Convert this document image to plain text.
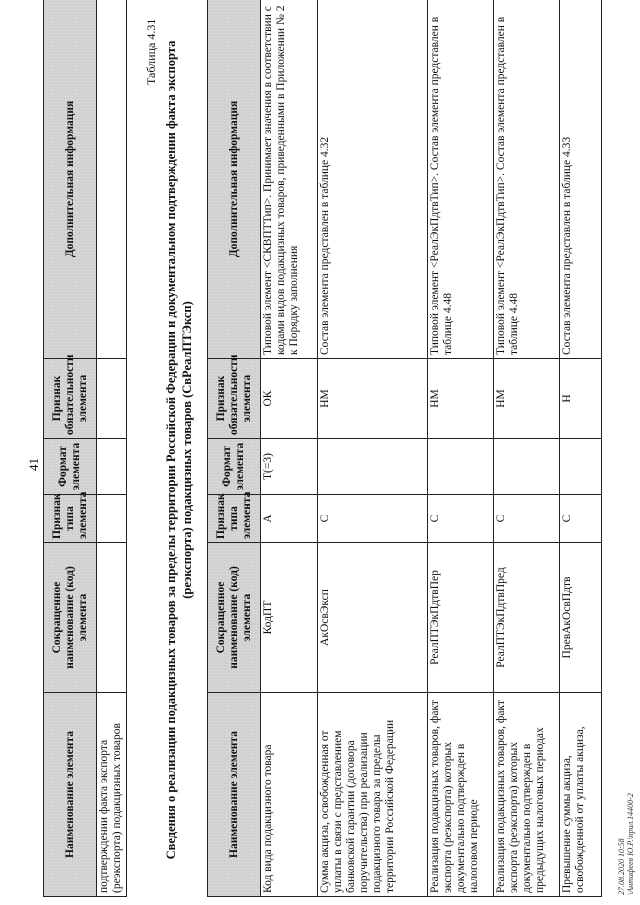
41
Наименование элемента	Сокращенное наименование (код) элемента	Признак типа элемента	Формат элемента	Признак обязательности элемента	Дополнительная информация
подтверждении факта экспорта (реэкспорта) подакцизных товаров					
Таблица 4.31 Сведения о реализации подакцизных товаров за пределы территории Российской Федерации и документальном подтверждении факта экспорта (реэкспорта) подакцизных товаров (СвРеалПТЭксп)
Наименование элемента	Сокращенное наименование (код) элемента	Признак типа элемента	Формат элемента	Признак обязательности элемента	Дополнительная информация
Код вида подакцизного товара	КодПТ	А	T(=3)	ОК	Типовой элемент <СКВПТТип>. Принимает значения в соответствии с кодами видов подакцизных товаров, приведенными в Приложении № 2 к Порядку заполнения
Сумма акциза, освобожденная от уплаты в связи с представлением банковской гарантии (договора поручительства) при реализации подакцизного товара за пределы территории Российской Федерации	АкОсвЭксп	С		НМ	Состав элемента представлен в таблице 4.32
Реализация подакцизных товаров, факт экспорта (реэкспорта) которых документально подтвержден в налоговом периоде	РеалПТЭкПдтвПер	С		НМ	Типовой элемент <РеалЭкПдтвТип>. Состав элемента представлен в таблице 4.48
Реализация подакцизных товаров, факт экспорта (реэкспорта) которых документально подтвержден в предыдущих налоговых периодах	РеалПТЭкПдтвПред	С		НМ	Типовой элемент <РеалЭкПдтвТип>. Состав элемента представлен в таблице 4.48
Превышение суммы акциза, освобожденной от уплаты акциза,	ПревАкОсвПдтв	С		Н	Состав элемента представлен в таблице 4.33
27.08.2020 10:58 \Антифеев Ю.Р.\прил.14400-2
